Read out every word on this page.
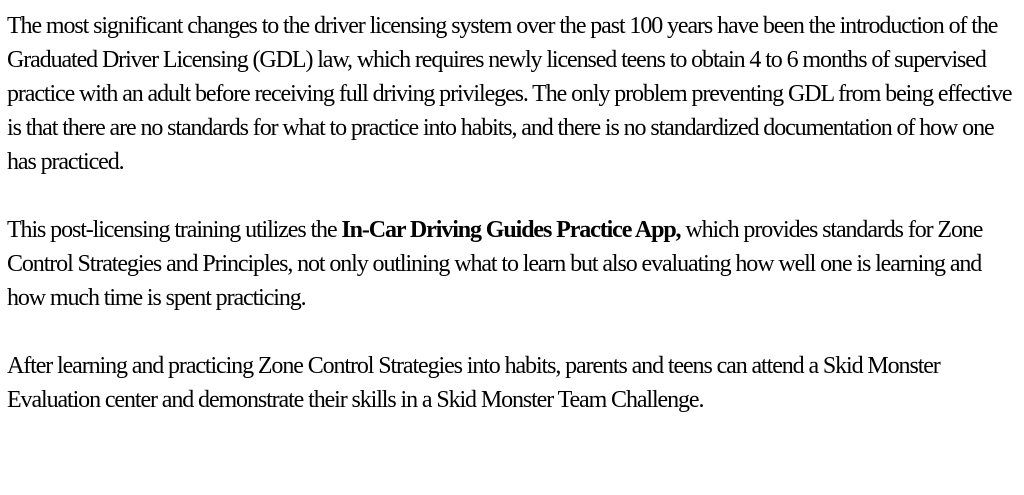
The most significant changes to the driver licensing system over the past 100 years have been the introduction of the Graduated Driver Licensing (GDL) law, which requires newly licensed teens to obtain 4 to 6 months of supervised practice with an adult before receiving full driving privileges. The only problem preventing GDL from being effective is that there are no standards for what to practice into habits, and there is no standardized documentation of how one has practiced.

This post-licensing training utilizes the In-Car Driving Guides Practice App, which provides standards for Zone Control Strategies and Principles, not only outlining what to learn but also evaluating how well one is learning and how much time is spent practicing.

After learning and practicing Zone Control Strategies into habits, parents and teens can attend a Skid Monster Evaluation center and demonstrate their skills in a Skid Monster Team Challenge.
